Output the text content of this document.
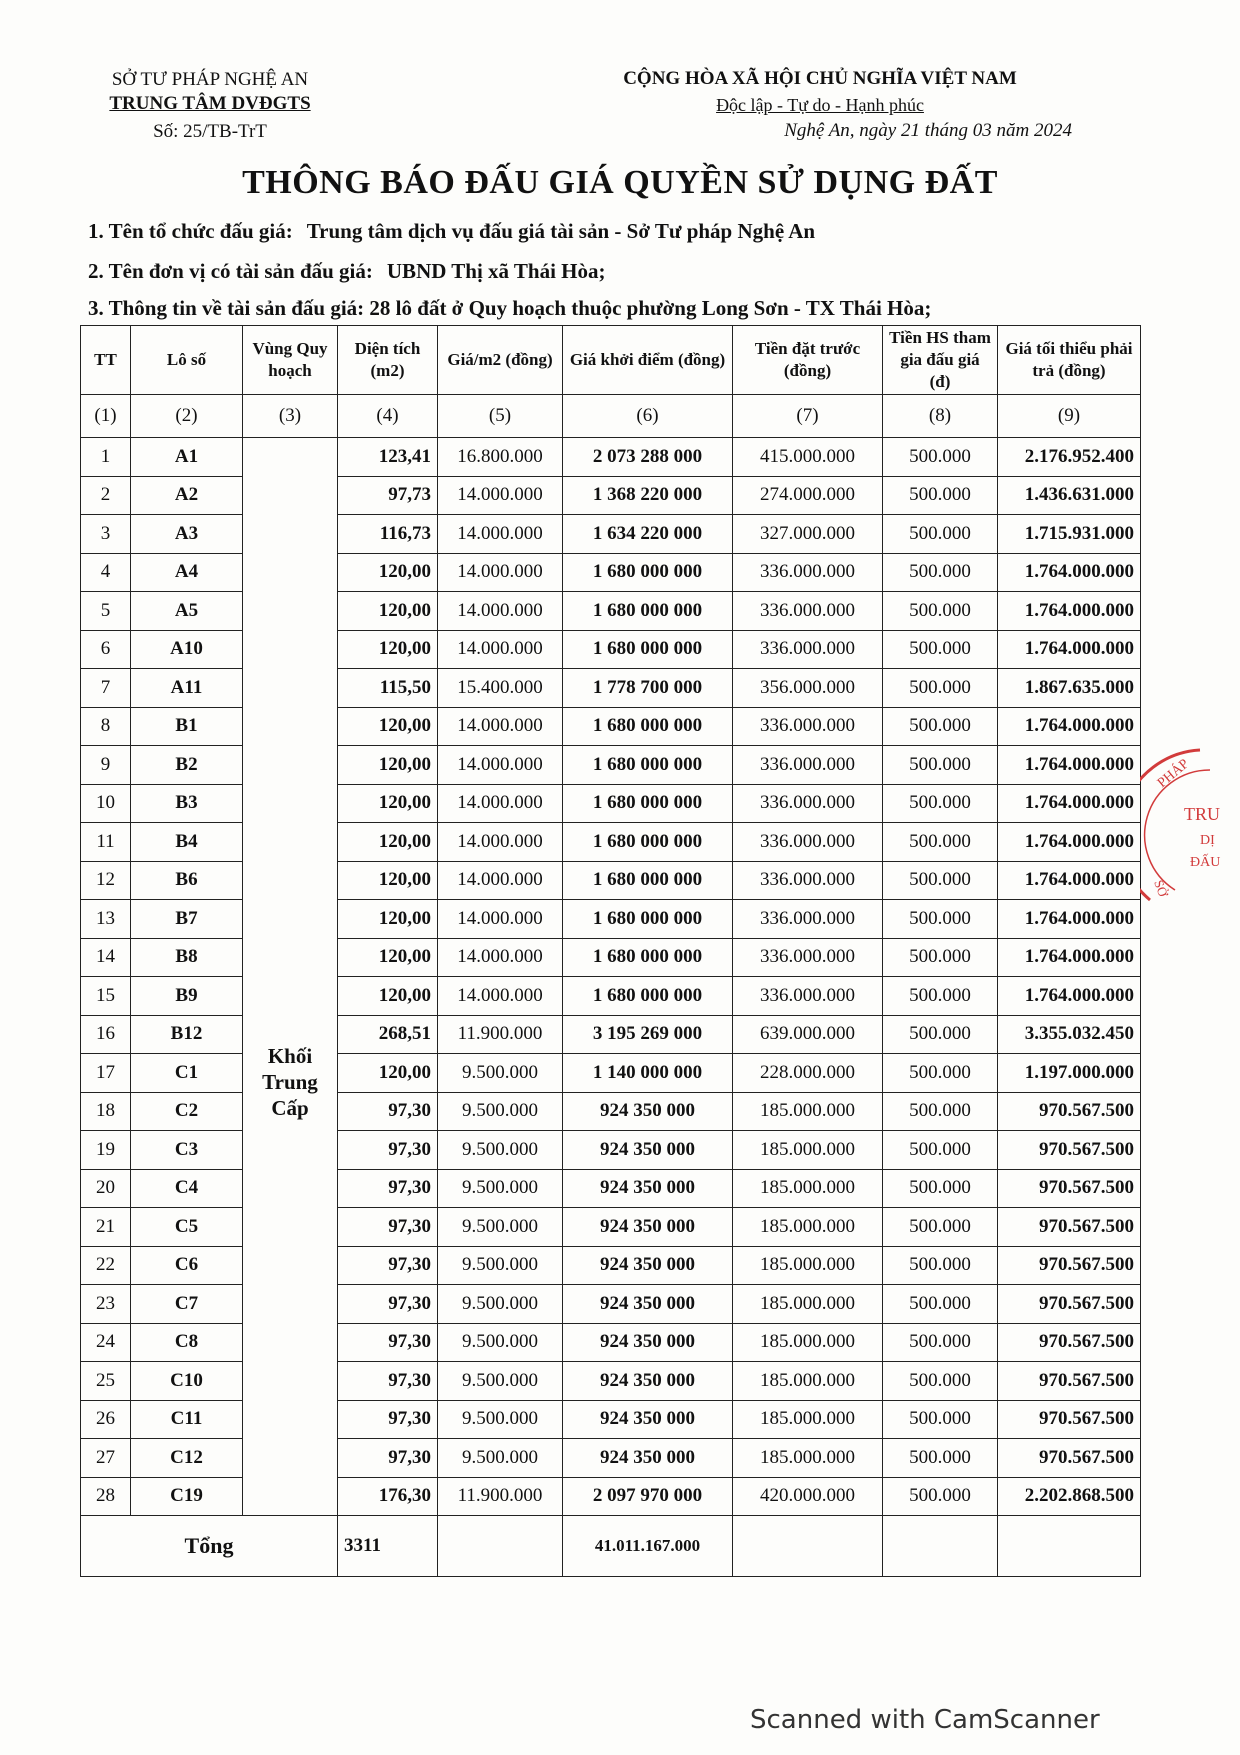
SỞ TƯ PHÁP NGHỆ AN
TRUNG TÂM DVĐGTS
Số: 25/TB-TrT
CỘNG HÒA XÃ HỘI CHỦ NGHĨA VIỆT NAM
Độc lập - Tự do - Hạnh phúc
Nghệ An, ngày 21 tháng 03 năm 2024
THÔNG BÁO ĐẤU GIÁ QUYỀN SỬ DỤNG ĐẤT
1. Tên tổ chức đấu giá: Trung tâm dịch vụ đấu giá tài sản - Sở Tư pháp Nghệ An
2. Tên đơn vị có tài sản đấu giá: UBND Thị xã Thái Hòa;
3. Thông tin về tài sản đấu giá: 28 lô đất ở Quy hoạch thuộc phường Long Sơn - TX Thái Hòa;
TT	Lô số	Vùng Quy hoạch	Diện tích (m2)	Giá/m2 (đồng)	Giá khởi điểm (đồng)	Tiền đặt trước (đồng)	Tiền HS tham gia đấu giá (đ)	Giá tối thiểu phải trả (đồng)
(1)	(2)	(3)	(4)	(5)	(6)	(7)	(8)	(9)
1	A1	Khối
Trung
Cấp	123,41	16.800.000	2 073 288 000	415.000.000	500.000	2.176.952.400
2	A2		97,73	14.000.000	1 368 220 000	274.000.000	500.000	1.436.631.000
3	A3		116,73	14.000.000	1 634 220 000	327.000.000	500.000	1.715.931.000
4	A4		120,00	14.000.000	1 680 000 000	336.000.000	500.000	1.764.000.000
5	A5		120,00	14.000.000	1 680 000 000	336.000.000	500.000	1.764.000.000
6	A10		120,00	14.000.000	1 680 000 000	336.000.000	500.000	1.764.000.000
7	A11		115,50	15.400.000	1 778 700 000	356.000.000	500.000	1.867.635.000
8	B1		120,00	14.000.000	1 680 000 000	336.000.000	500.000	1.764.000.000
9	B2		120,00	14.000.000	1 680 000 000	336.000.000	500.000	1.764.000.000
10	B3		120,00	14.000.000	1 680 000 000	336.000.000	500.000	1.764.000.000
11	B4		120,00	14.000.000	1 680 000 000	336.000.000	500.000	1.764.000.000
12	B6		120,00	14.000.000	1 680 000 000	336.000.000	500.000	1.764.000.000
13	B7		120,00	14.000.000	1 680 000 000	336.000.000	500.000	1.764.000.000
14	B8		120,00	14.000.000	1 680 000 000	336.000.000	500.000	1.764.000.000
15	B9		120,00	14.000.000	1 680 000 000	336.000.000	500.000	1.764.000.000
16	B12		268,51	11.900.000	3 195 269 000	639.000.000	500.000	3.355.032.450
17	C1		120,00	9.500.000	1 140 000 000	228.000.000	500.000	1.197.000.000
18	C2		97,30	9.500.000	924 350 000	185.000.000	500.000	970.567.500
19	C3		97,30	9.500.000	924 350 000	185.000.000	500.000	970.567.500
20	C4		97,30	9.500.000	924 350 000	185.000.000	500.000	970.567.500
21	C5		97,30	9.500.000	924 350 000	185.000.000	500.000	970.567.500
22	C6		97,30	9.500.000	924 350 000	185.000.000	500.000	970.567.500
23	C7		97,30	9.500.000	924 350 000	185.000.000	500.000	970.567.500
24	C8		97,30	9.500.000	924 350 000	185.000.000	500.000	970.567.500
25	C10		97,30	9.500.000	924 350 000	185.000.000	500.000	970.567.500
26	C11		97,30	9.500.000	924 350 000	185.000.000	500.000	970.567.500
27	C12		97,30	9.500.000	924 350 000	185.000.000	500.000	970.567.500
28	C19		176,30	11.900.000	2 097 970 000	420.000.000	500.000	2.202.868.500
Tổng			3311		41.011.167.000			
PHÁP
TRU
DỊ
ĐẤU
SỞ
Scanned with CamScanner
